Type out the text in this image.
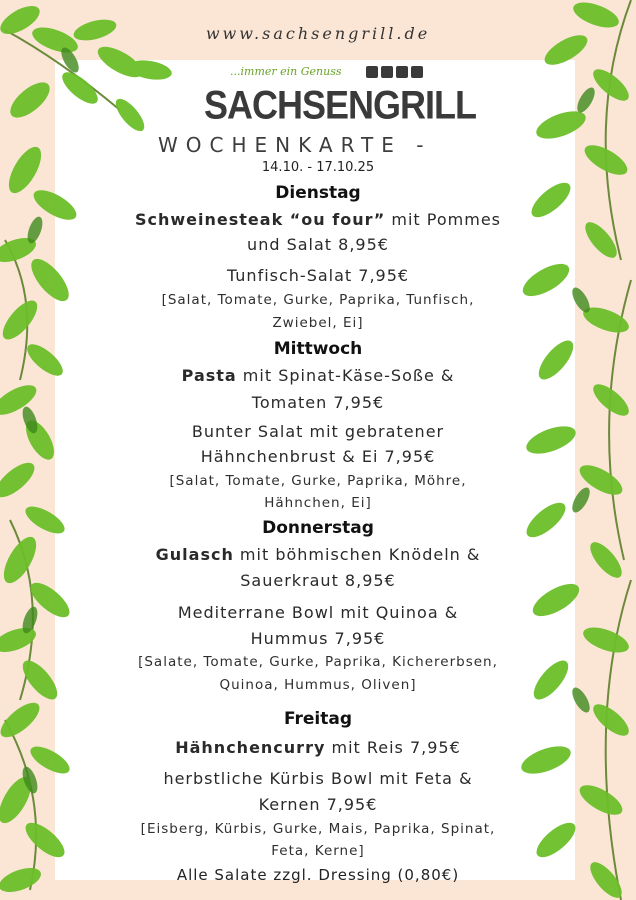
www.sachsengrill.de
...immer ein Genuss
SACHSENGRILL
WOCHENKARTE -
14.10. - 17.10.25
Dienstag
Schweinesteak “ou four” mit Pommes
und Salat 8,95€
Tunfisch-Salat 7,95€
[Salat, Tomate, Gurke, Paprika, Tunfisch,
Zwiebel, Ei]
Mittwoch
Pasta mit Spinat-Käse-Soße &
Tomaten 7,95€
Bunter Salat mit gebratener
Hähnchenbrust & Ei 7,95€
[Salat, Tomate, Gurke, Paprika, Möhre,
Hähnchen, Ei]
Donnerstag
Gulasch mit böhmischen Knödeln &
Sauerkraut 8,95€
Mediterrane Bowl mit Quinoa &
Hummus 7,95€
[Salate, Tomate, Gurke, Paprika, Kichererbsen,
Quinoa, Hummus, Oliven]
Freitag
Hähnchencurry mit Reis 7,95€
herbstliche Kürbis Bowl mit Feta &
Kernen 7,95€
[Eisberg, Kürbis, Gurke, Mais, Paprika, Spinat,
Feta, Kerne]
Alle Salate zzgl. Dressing (0,80€)
